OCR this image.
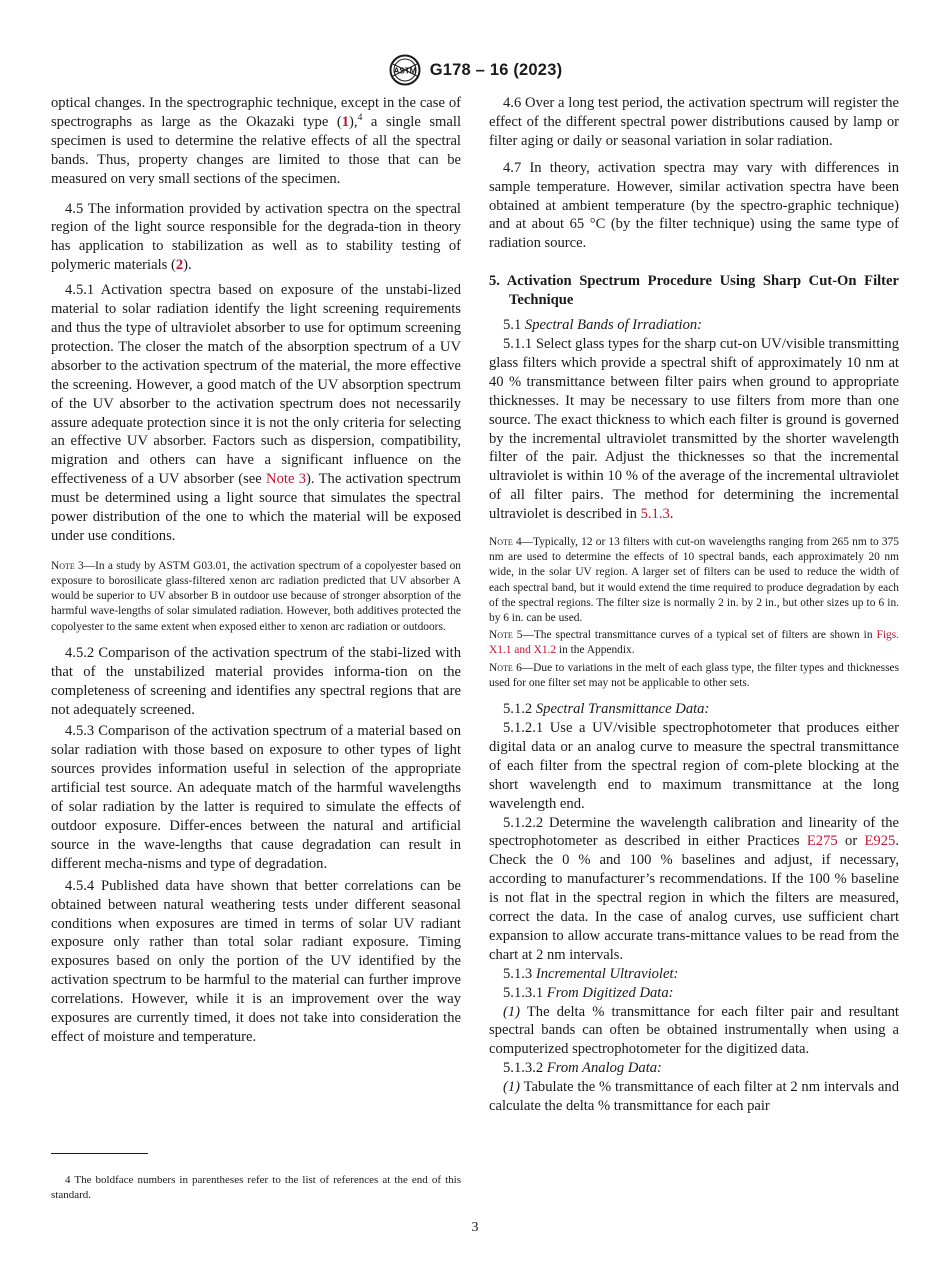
ASTM G178 – 16 (2023)

optical changes. In the spectrographic technique, except in the case of spectrographs as large as the Okazaki type (1),$^4$ a single small specimen is used to determine the relative effects of all the spectral bands. Thus, property changes are limited to those that can be measured on very small sections of the specimen.

4.5 The information provided by activation spectra on the spectral region of the light source responsible for the degrada-tion in theory has application to stabilization as well as to stability testing of polymeric materials (2).

4.5.1 Activation spectra based on exposure of the unstabi-lized material to solar radiation identify the light screening requirements and thus the type of ultraviolet absorber to use for optimum screening protection. The closer the match of the absorption spectrum of a UV absorber to the activation spectrum of the material, the more effective the screening. However, a good match of the UV absorption spectrum of the UV absorber to the activation spectrum does not necessarily assure adequate protection since it is not the only criteria for selecting an effective UV absorber. Factors such as dispersion, compatibility, migration and others can have a significant influence on the effectiveness of a UV absorber (see Note 3). The activation spectrum must be determined using a light source that simulates the spectral power distribution of the one to which the material will be exposed under use conditions.

Note 3—In a study by ASTM G03.01, the activation spectrum of a copolyester based on exposure to borosilicate glass-filtered xenon arc radiation predicted that UV absorber A would be superior to UV absorber B in outdoor use because of stronger absorption of the harmful wave-lengths of solar simulated radiation. However, both additives protected the copolyester to the same extent when exposed either to xenon arc radiation or outdoors.

4.5.2 Comparison of the activation spectrum of the stabi-lized with that of the unstabilized material provides informa-tion on the completeness of screening and identifies any spectral regions that are not adequately screened.

4.5.3 Comparison of the activation spectrum of a material based on solar radiation with those based on exposure to other types of light sources provides information useful in selection of the appropriate artificial test source. An adequate match of the harmful wavelengths of solar radiation by the latter is required to simulate the effects of outdoor exposure. Differ-ences between the natural and artificial source in the wave-lengths that cause degradation can result in different mecha-nisms and type of degradation.

4.5.4 Published data have shown that better correlations can be obtained between natural weathering tests under different seasonal conditions when exposures are timed in terms of solar UV radiant exposure only rather than total solar radiant exposure. Timing exposures based on only the portion of the UV identified by the activation spectrum to be harmful to the material can further improve correlations. However, while it is an improvement over the way exposures are currently timed, it does not take into consideration the effect of moisture and temperature.

4 The boldface numbers in parentheses refer to the list of references at the end of this standard.

4.6 Over a long test period, the activation spectrum will register the effect of the different spectral power distributions caused by lamp or filter aging or daily or seasonal variation in solar radiation.

4.7 In theory, activation spectra may vary with differences in sample temperature. However, similar activation spectra have been obtained at ambient temperature (by the spectro-graphic technique) and at about 65 °C (by the filter technique) using the same type of radiation source.

5. Activation Spectrum Procedure Using Sharp Cut-On Filter Technique

5.1 Spectral Bands of Irradiation:

5.1.1 Select glass types for the sharp cut-on UV/visible transmitting glass filters which provide a spectral shift of approximately 10 nm at 40 % transmittance between filter pairs when ground to appropriate thicknesses. It may be necessary to use filters from more than one source. The exact thickness to which each filter is ground is governed by the incremental ultraviolet transmitted by the shorter wavelength filter of the pair. Adjust the thicknesses so that the incremental ultraviolet is within 10 % of the average of the incremental ultraviolet of all filter pairs. The method for determining the incremental ultraviolet is described in 5.1.3.

Note 4—Typically, 12 or 13 filters with cut-on wavelengths ranging from 265 nm to 375 nm are used to determine the effects of 10 spectral bands, each approximately 20 nm wide, in the solar UV region. A larger set of filters can be used to reduce the width of each spectral band, but it would extend the time required to produce degradation by each of the spectral regions. The filter size is normally 2 in. by 2 in., but other sizes up to 6 in. by 6 in. can be used.

Note 5—The spectral transmittance curves of a typical set of filters are shown in Figs. X1.1 and X1.2 in the Appendix.

Note 6—Due to variations in the melt of each glass type, the filter types and thicknesses used for one filter set may not be applicable to other sets.

5.1.2 Spectral Transmittance Data:

5.1.2.1 Use a UV/visible spectrophotometer that produces either digital data or an analog curve to measure the spectral transmittance of each filter from the spectral region of com-plete blocking at the short wavelength end to maximum transmittance at the long wavelength end.

5.1.2.2 Determine the wavelength calibration and linearity of the spectrophotometer as described in either Practices E275 or E925. Check the 0 % and 100 % baselines and adjust, if necessary, according to manufacturer’s recommendations. If the 100 % baseline is not flat in the spectral region in which the filters are measured, correct the data. In the case of analog curves, use sufficient chart expansion to allow accurate trans-mittance values to be read from the chart at 2 nm intervals.

5.1.3 Incremental Ultraviolet:

5.1.3.1 From Digitized Data:

(1) The delta % transmittance for each filter pair and resultant spectral bands can often be obtained instrumentally when using a computerized spectrophotometer for the digitized data.

5.1.3.2 From Analog Data:

(1) Tabulate the % transmittance of each filter at 2 nm intervals and calculate the delta % transmittance for each pair

3
